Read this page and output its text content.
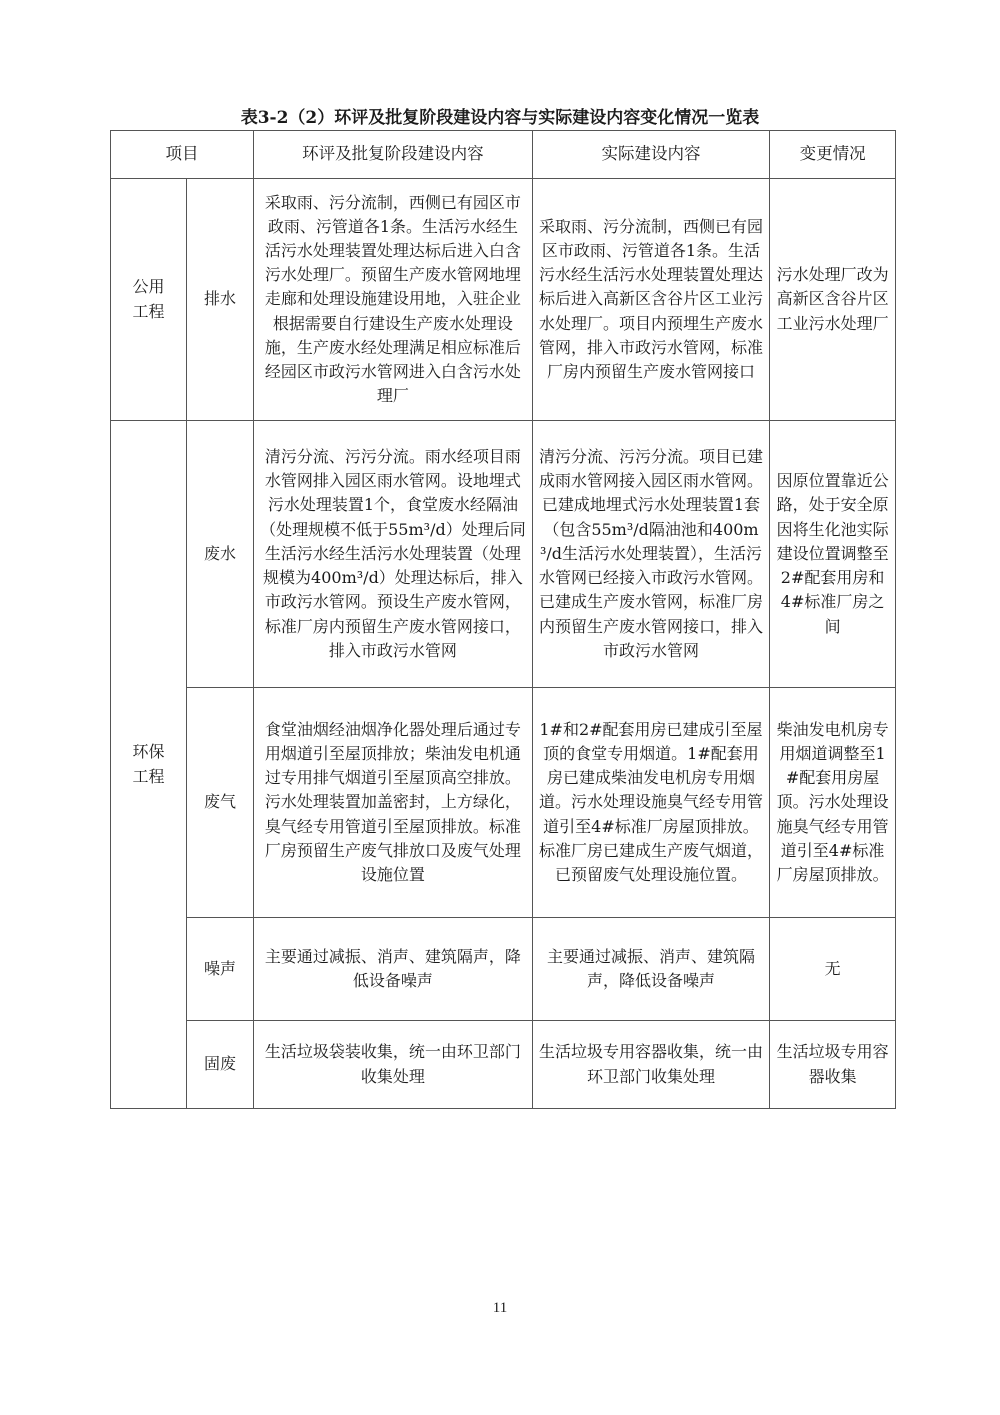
表3-2（2）环评及批复阶段建设内容与实际建设内容变化情况一览表
项目		环评及批复阶段建设内容	实际建设内容	变更情况
公用
工程	排水	采取雨、污分流制，西侧已有园区市政雨、污管道各1条。生活污水经生活污水处理装置处理达标后进入白含污水处理厂。预留生产废水管网地埋走廊和处理设施建设用地，入驻企业根据需要自行建设生产废水处理设施，生产废水经处理满足相应标准后经园区市政污水管网进入白含污水处理厂	采取雨、污分流制，西侧已有园区市政雨、污管道各1条。生活污水经生活污水处理装置处理达标后进入高新区含谷片区工业污水处理厂。项目内预埋生产废水管网，排入市政污水管网，标准厂房内预留生产废水管网接口	污水处理厂改为高新区含谷片区工业污水处理厂
环保
工程	废水	清污分流、污污分流。雨水经项目雨水管网排入园区雨水管网。设地埋式污水处理装置1个，食堂废水经隔油（处理规模不低于55m³/d）处理后同生活污水经生活污水处理装置（处理规模为400m³/d）处理达标后，排入市政污水管网。预设生产废水管网，标准厂房内预留生产废水管网接口，排入市政污水管网	清污分流、污污分流。项目已建成雨水管网接入园区雨水管网。已建成地埋式污水处理装置1套（包含55m³/d隔油池和400m³/d生活污水处理装置），生活污水管网已经接入市政污水管网。已建成生产废水管网，标准厂房内预留生产废水管网接口，排入市政污水管网	因原位置靠近公路，处于安全原因将生化池实际建设位置调整至2#配套用房和4#标准厂房之间
	废气	食堂油烟经油烟净化器处理后通过专用烟道引至屋顶排放；柴油发电机通过专用排气烟道引至屋顶高空排放。污水处理装置加盖密封，上方绿化，臭气经专用管道引至屋顶排放。标准厂房预留生产废气排放口及废气处理设施位置	1#和2#配套用房已建成引至屋顶的食堂专用烟道。1#配套用房已建成柴油发电机房专用烟道。污水处理设施臭气经专用管道引至4#标准厂房屋顶排放。标准厂房已建成生产废气烟道，已预留废气处理设施位置。	柴油发电机房专用烟道调整至1#配套用房屋顶。污水处理设施臭气经专用管道引至4#标准厂房屋顶排放。
	噪声	主要通过减振、消声、建筑隔声，降低设备噪声	主要通过减振、消声、建筑隔声，降低设备噪声	无
	固废	生活垃圾袋装收集，统一由环卫部门收集处理	生活垃圾专用容器收集，统一由环卫部门收集处理	生活垃圾专用容器收集
11
